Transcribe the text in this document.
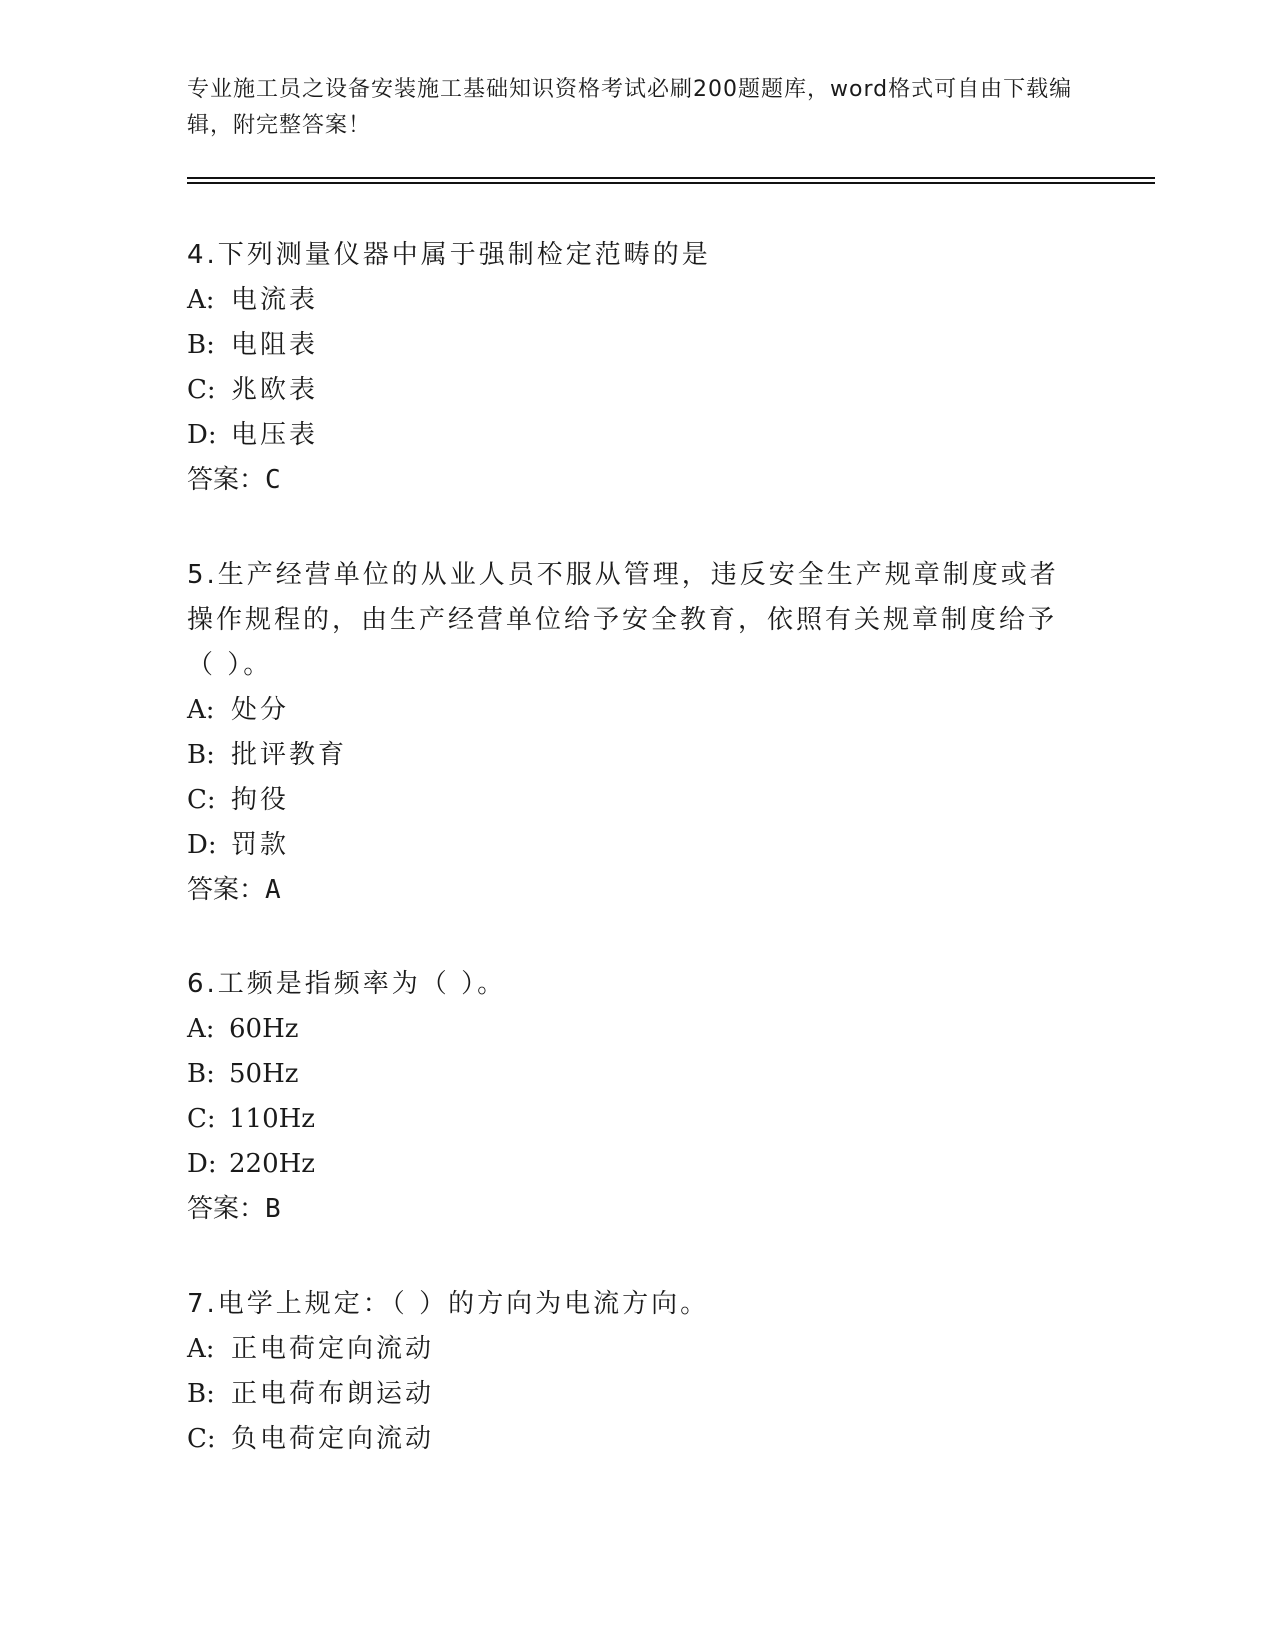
专业施工员之设备安装施工基础知识资格考试必刷200题题库，word格式可自由下载编辑，附完整答案！

4.下列测量仪器中属于强制检定范畴的是

A: 电流表

B: 电阻表

C: 兆欧表

D: 电压表

答案：C

5.生产经营单位的从业人员不服从管理，违反安全生产规章制度或者操作规程的，由生产经营单位给予安全教育，依照有关规章制度给予（ ）。

A: 处分

B: 批评教育

C: 拘役

D: 罚款

答案：A

6.工频是指频率为（ ）。

A: 60Hz

B: 50Hz

C: 110Hz

D: 220Hz

答案：B

7.电学上规定：（ ）的方向为电流方向。

A: 正电荷定向流动

B: 正电荷布朗运动

C: 负电荷定向流动
